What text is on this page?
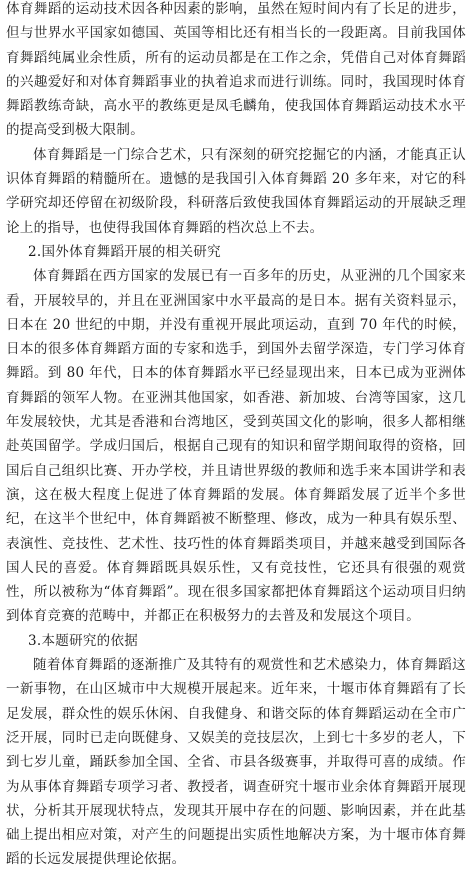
体育舞蹈的运动技术因各种因素的影响，虽然在短时间内有了长足的进步，但与世界水平国家如德国、英国等相比还有相当长的一段距离。目前我国体育舞蹈纯属业余性质，所有的运动员都是在工作之余，凭借自己对体育舞蹈的兴趣爱好和对体育舞蹈事业的执着追求而进行训练。同时，我国现时体育舞蹈教练奇缺，高水平的教练更是凤毛麟角，使我国体育舞蹈运动技术水平的提高受到极大限制。

体育舞蹈是一门综合艺术，只有深刻的研究挖掘它的内涵，才能真正认识体育舞蹈的精髓所在。遗憾的是我国引入体育舞蹈 20 多年来，对它的科学研究却还停留在初级阶段，科研落后致使我国体育舞蹈运动的开展缺乏理论上的指导，也使得我国体育舞蹈的档次总上不去。

2.国外体育舞蹈开展的相关研究

体育舞蹈在西方国家的发展已有一百多年的历史，从亚洲的几个国家来看，开展较早的，并且在亚洲国家中水平最高的是日本。据有关资料显示，日本在 20 世纪的中期，并没有重视开展此项运动，直到 70 年代的时候，日本的很多体育舞蹈方面的专家和选手，到国外去留学深造，专门学习体育舞蹈。到 80 年代，日本的体育舞蹈水平已经显现出来，日本已成为亚洲体育舞蹈的领军人物。在亚洲其他国家，如香港、新加坡、台湾等国家，这几年发展较快，尤其是香港和台湾地区，受到英国文化的影响，很多人都相继赴英国留学。学成归国后，根据自己现有的知识和留学期间取得的资格，回国后自己组织比赛、开办学校，并且请世界级的教师和选手来本国讲学和表演，这在极大程度上促进了体育舞蹈的发展。体育舞蹈发展了近半个多世纪，在这半个世纪中，体育舞蹈被不断整理、修改，成为一种具有娱乐型、表演性、竞技性、艺术性、技巧性的体育舞蹈类项目，并越来越受到国际各国人民的喜爱。体育舞蹈既具娱乐性，又有竞技性，它还具有很强的观赏性，所以被称为“体育舞蹈”。现在很多国家都把体育舞蹈这个运动项目归纳到体育竞赛的范畴中，并都正在积极努力的去普及和发展这个项目。

3.本题研究的依据

随着体育舞蹈的逐渐推广及其特有的观赏性和艺术感染力，体育舞蹈这一新事物，在山区城市中大规模开展起来。近年来，十堰市体育舞蹈有了长足发展，群众性的娱乐休闲、自我健身、和谐交际的体育舞蹈运动在全市广泛开展，同时已走向既健身、又娱美的竞技层次，上到七十多岁的老人，下到七岁儿童，踊跃参加全国、全省、市县各级赛事，并取得可喜的成绩。作为从事体育舞蹈专项学习者、教授者，调查研究十堰市业余体育舞蹈开展现状，分析其开展现状特点，发现其开展中存在的问题、影响因素，并在此基础上提出相应对策，对产生的问题提出实质性地解决方案，为十堰市体育舞蹈的长远发展提供理论依据。
